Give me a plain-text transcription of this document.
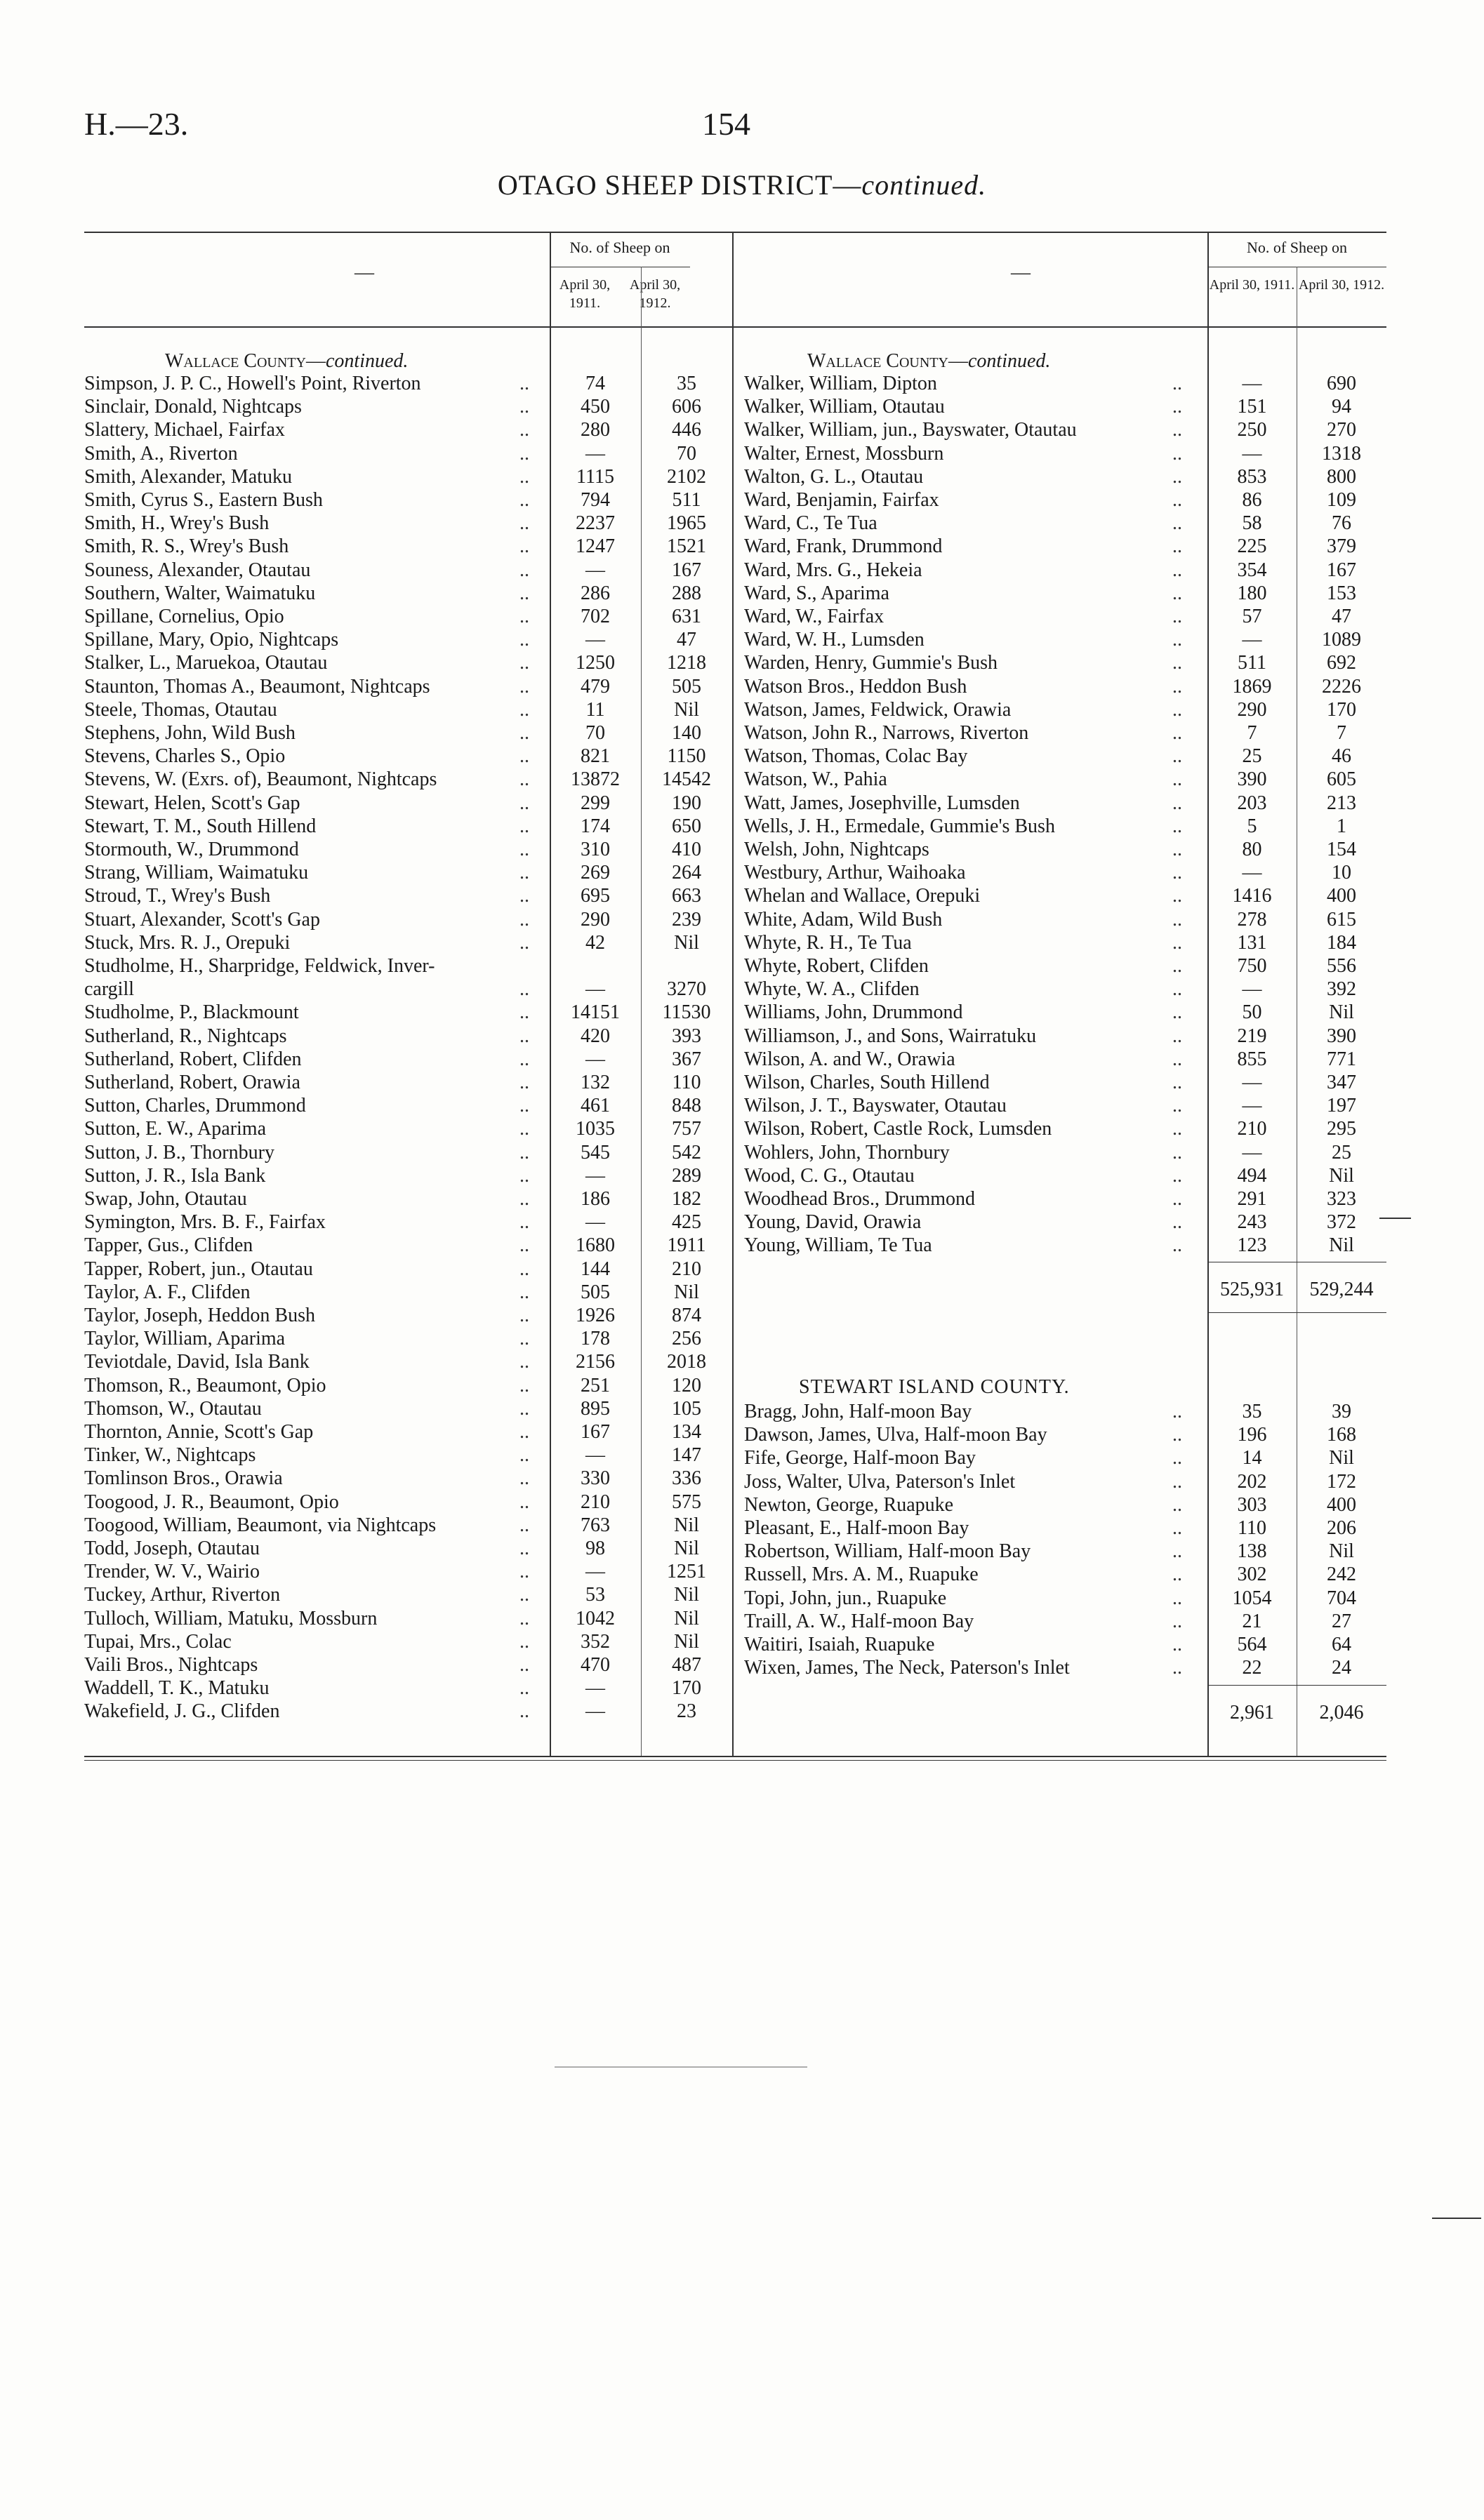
H.—23.	154
OTAGO SHEEP DISTRICT—continued.
—
No. of Sheep on
April 30, 1911.
April 30, 1912.
—
No. of Sheep on
April 30, 1911. April 30, 1912.
Wallace County—continued.
Simpson, J. P. C., Howell's Point, Riverton	..	74	35
Sinclair, Donald, Nightcaps	..	450	606
Slattery, Michael, Fairfax	..	280	446
Smith, A., Riverton	..	—	70
Smith, Alexander, Matuku	..	1115	2102
Smith, Cyrus S., Eastern Bush	..	794	511
Smith, H., Wrey's Bush	..	2237	1965
Smith, R. S., Wrey's Bush	..	1247	1521
Souness, Alexander, Otautau	..	—	167
Southern, Walter, Waimatuku	..	286	288
Spillane, Cornelius, Opio	..	702	631
Spillane, Mary, Opio, Nightcaps	..	—	47
Stalker, L., Maruekoa, Otautau	..	1250	1218
Staunton, Thomas A., Beaumont, Nightcaps	..	479	505
Steele, Thomas, Otautau	..	11	Nil
Stephens, John, Wild Bush	..	70	140
Stevens, Charles S., Opio	..	821	1150
Stevens, W. (Exrs. of), Beaumont, Nightcaps	..	13872	14542
Stewart, Helen, Scott's Gap	..	299	190
Stewart, T. M., South Hillend	..	174	650
Stormouth, W., Drummond	..	310	410
Strang, William, Waimatuku	..	269	264
Stroud, T., Wrey's Bush	..	695	663
Stuart, Alexander, Scott's Gap	..	290	239
Stuck, Mrs. R. J., Orepuki	..	42	Nil
Studholme, H., Sharpridge, Feldwick, Inver-
cargill	..	—	3270
Studholme, P., Blackmount	..	14151	11530
Sutherland, R., Nightcaps	..	420	393
Sutherland, Robert, Clifden	..	—	367
Sutherland, Robert, Orawia	..	132	110
Sutton, Charles, Drummond	..	461	848
Sutton, E. W., Aparima	..	1035	757
Sutton, J. B., Thornbury	..	545	542
Sutton, J. R., Isla Bank	..	—	289
Swap, John, Otautau	..	186	182
Symington, Mrs. B. F., Fairfax	..	—	425
Tapper, Gus., Clifden	..	1680	1911
Tapper, Robert, jun., Otautau	..	144	210
Taylor, A. F., Clifden	..	505	Nil
Taylor, Joseph, Heddon Bush	..	1926	874
Taylor, William, Aparima	..	178	256
Teviotdale, David, Isla Bank	..	2156	2018
Thomson, R., Beaumont, Opio	..	251	120
Thomson, W., Otautau	..	895	105
Thornton, Annie, Scott's Gap	..	167	134
Tinker, W., Nightcaps	..	—	147
Tomlinson Bros., Orawia	..	330	336
Toogood, J. R., Beaumont, Opio	..	210	575
Toogood, William, Beaumont, via Nightcaps	..	763	Nil
Todd, Joseph, Otautau	..	98	Nil
Trender, W. V., Wairio	..	—	1251
Tuckey, Arthur, Riverton	..	53	Nil
Tulloch, William, Matuku, Mossburn	..	1042	Nil
Tupai, Mrs., Colac	..	352	Nil
Vaili Bros., Nightcaps	..	470	487
Waddell, T. K., Matuku	..	—	170
Wakefield, J. G., Clifden	..	—	23
Wallace County—continued.
Walker, William, Dipton	..	—	690
Walker, William, Otautau	..	151	94
Walker, William, jun., Bayswater, Otautau	..	250	270
Walter, Ernest, Mossburn	..	—	1318
Walton, G. L., Otautau	..	853	800
Ward, Benjamin, Fairfax	..	86	109
Ward, C., Te Tua	..	58	76
Ward, Frank, Drummond	..	225	379
Ward, Mrs. G., Hekeia	..	354	167
Ward, S., Aparima	..	180	153
Ward, W., Fairfax	..	57	47
Ward, W. H., Lumsden	..	—	1089
Warden, Henry, Gummie's Bush	..	511	692
Watson Bros., Heddon Bush	..	1869	2226
Watson, James, Feldwick, Orawia	..	290	170
Watson, John R., Narrows, Riverton	..	7	7
Watson, Thomas, Colac Bay	..	25	46
Watson, W., Pahia	..	390	605
Watt, James, Josephville, Lumsden	..	203	213
Wells, J. H., Ermedale, Gummie's Bush	..	5	1
Welsh, John, Nightcaps	..	80	154
Westbury, Arthur, Waihoaka	..	—	10
Whelan and Wallace, Orepuki	..	1416	400
White, Adam, Wild Bush	..	278	615
Whyte, R. H., Te Tua	..	131	184
Whyte, Robert, Clifden	..	750	556
Whyte, W. A., Clifden	..	—	392
Williams, John, Drummond	..	50	Nil
Williamson, J., and Sons, Wairratuku	..	219	390
Wilson, A. and W., Orawia	..	855	771
Wilson, Charles, South Hillend	..	—	347
Wilson, J. T., Bayswater, Otautau	..	—	197
Wilson, Robert, Castle Rock, Lumsden	..	210	295
Wohlers, John, Thornbury	..	—	25
Wood, C. G., Otautau	..	494	Nil
Woodhead Bros., Drummond	..	291	323
Young, David, Orawia	..	243	372
Young, William, Te Tua	..	123	Nil
525,931	529,244
STEWART ISLAND COUNTY.
Bragg, John, Half-moon Bay	..	35	39
Dawson, James, Ulva, Half-moon Bay	..	196	168
Fife, George, Half-moon Bay	..	14	Nil
Joss, Walter, Ulva, Paterson's Inlet	..	202	172
Newton, George, Ruapuke	..	303	400
Pleasant, E., Half-moon Bay	..	110	206
Robertson, William, Half-moon Bay	..	138	Nil
Russell, Mrs. A. M., Ruapuke	..	302	242
Topi, John, jun., Ruapuke	..	1054	704
Traill, A. W., Half-moon Bay	..	21	27
Waitiri, Isaiah, Ruapuke	..	564	64
Wixen, James, The Neck, Paterson's Inlet	..	22	24
2,961	2,046
